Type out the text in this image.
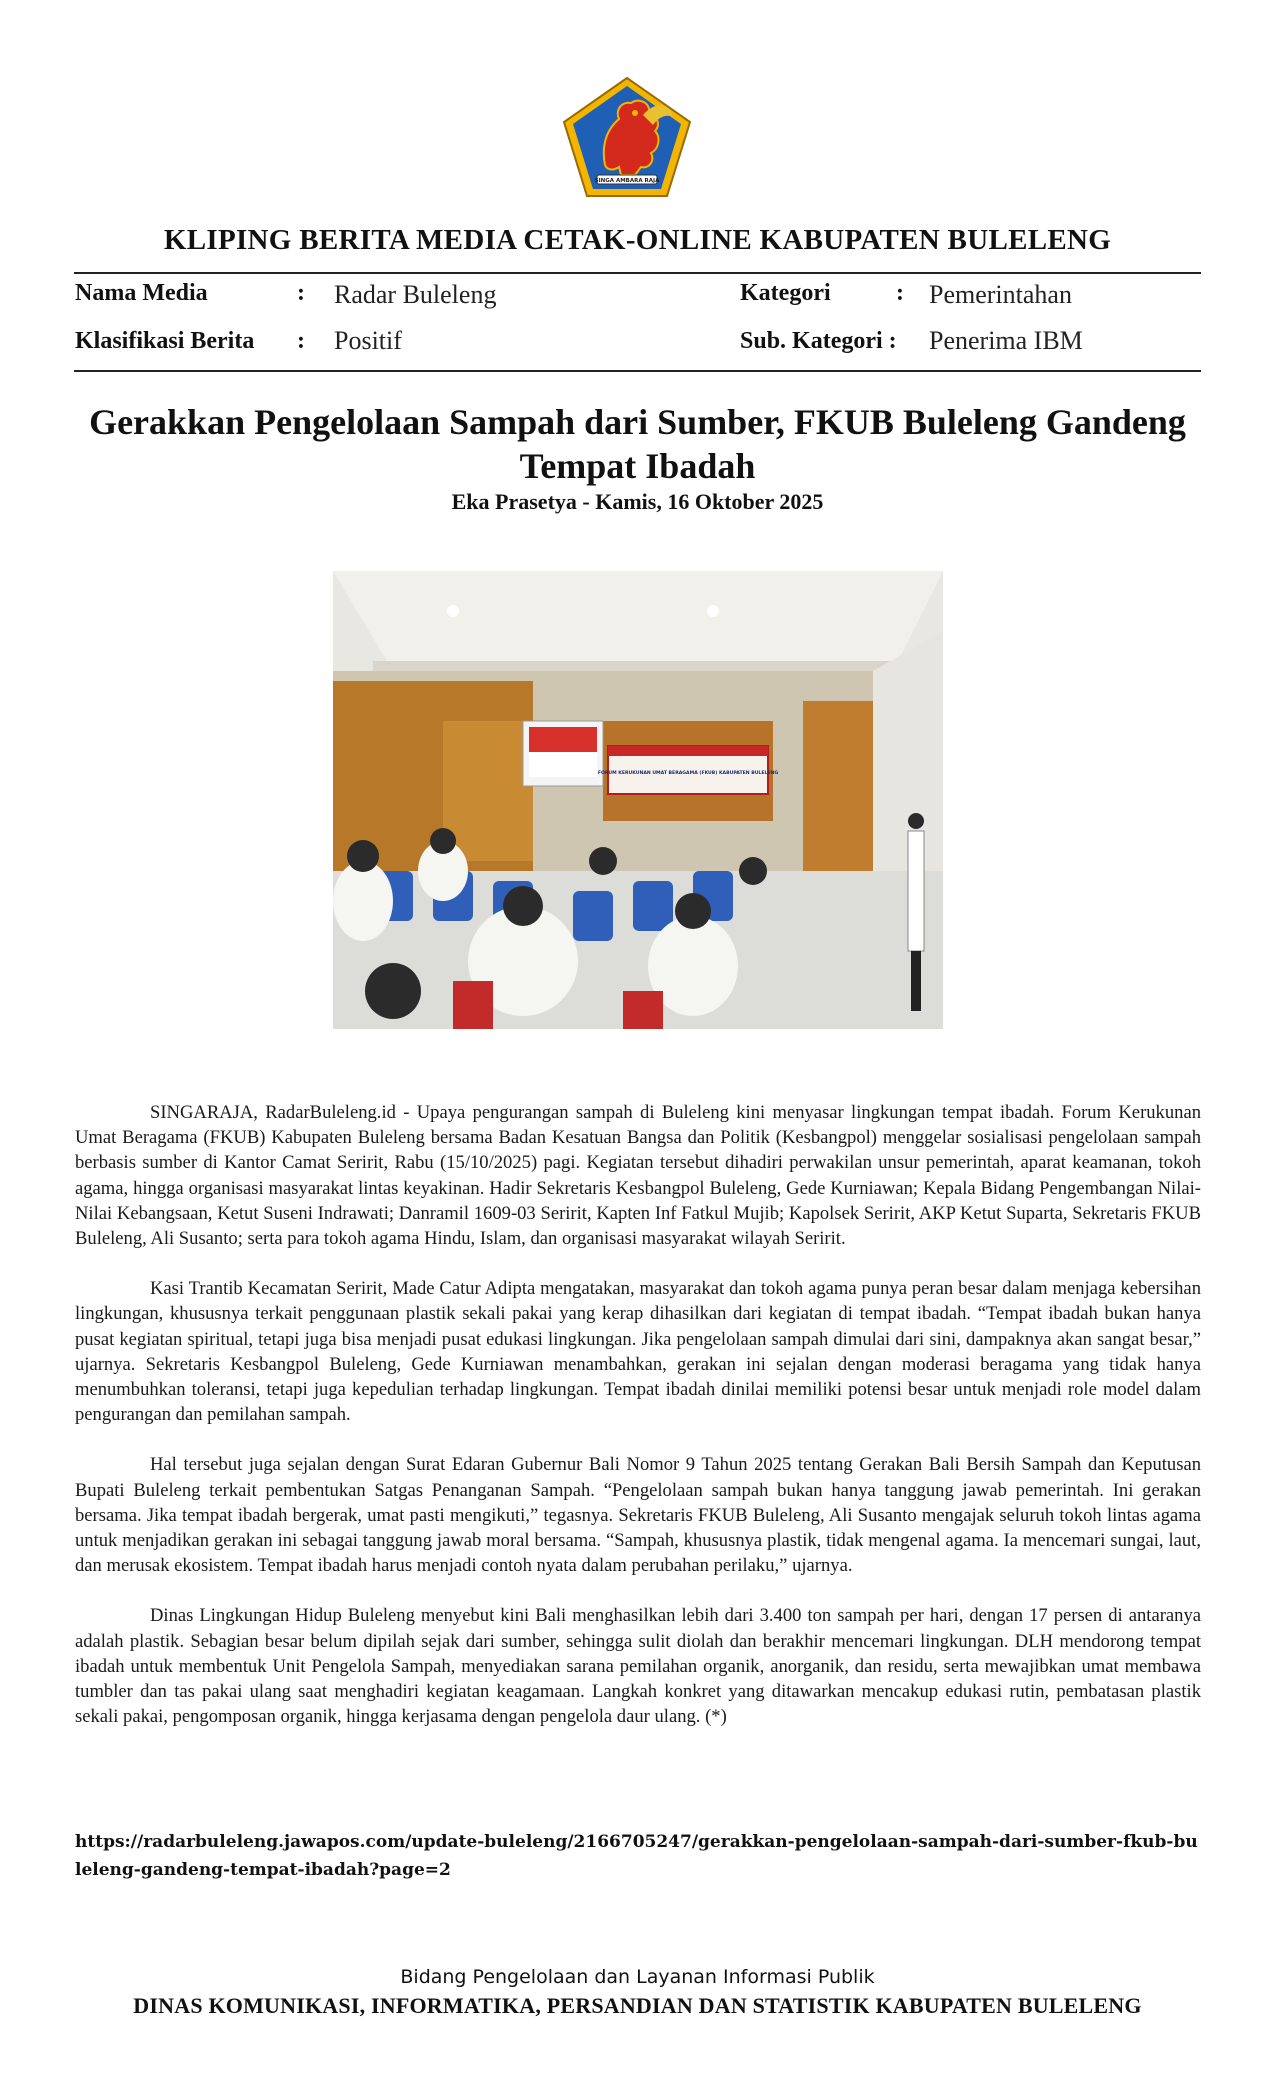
SINGA AMBARA RAJA
KLIPING BERITA MEDIA CETAK-ONLINE KABUPATEN BULELENG
Nama Media	: Radar Buleleng	Kategori	: Pemerintahan
Klasifikasi Berita : Positif	Sub. Kategori : Penerima IBM
Gerakkan Pengelolaan Sampah dari Sumber, FKUB Buleleng Gandeng Tempat Ibadah
Eka Prasetya - Kamis, 16 Oktober 2025
FORUM KERUKUNAN UMAT BERAGAMA (FKUB) KABUPATEN BULELENG

SINGARAJA, RadarBuleleng.id - Upaya pengurangan sampah di Buleleng kini menyasar lingkungan tempat ibadah. Forum Kerukunan Umat Beragama (FKUB) Kabupaten Buleleng bersama Badan Kesatuan Bangsa dan Politik (Kesbangpol) menggelar sosialisasi pengelolaan sampah berbasis sumber di Kantor Camat Seririt, Rabu (15/10/2025) pagi. Kegiatan tersebut dihadiri perwakilan unsur pemerintah, aparat keamanan, tokoh agama, hingga organisasi masyarakat lintas keyakinan. Hadir Sekretaris Kesbangpol Buleleng, Gede Kurniawan; Kepala Bidang Pengembangan Nilai-Nilai Kebangsaan, Ketut Suseni Indrawati; Danramil 1609-03 Seririt, Kapten Inf Fatkul Mujib; Kapolsek Seririt, AKP Ketut Suparta, Sekretaris FKUB Buleleng, Ali Susanto; serta para tokoh agama Hindu, Islam, dan organisasi masyarakat wilayah Seririt.

Kasi Trantib Kecamatan Seririt, Made Catur Adipta mengatakan, masyarakat dan tokoh agama punya peran besar dalam menjaga kebersihan lingkungan, khususnya terkait penggunaan plastik sekali pakai yang kerap dihasilkan dari kegiatan di tempat ibadah. “Tempat ibadah bukan hanya pusat kegiatan spiritual, tetapi juga bisa menjadi pusat edukasi lingkungan. Jika pengelolaan sampah dimulai dari sini, dampaknya akan sangat besar,” ujarnya. Sekretaris Kesbangpol Buleleng, Gede Kurniawan menambahkan, gerakan ini sejalan dengan moderasi beragama yang tidak hanya menumbuhkan toleransi, tetapi juga kepedulian terhadap lingkungan. Tempat ibadah dinilai memiliki potensi besar untuk menjadi role model dalam pengurangan dan pemilahan sampah.

Hal tersebut juga sejalan dengan Surat Edaran Gubernur Bali Nomor 9 Tahun 2025 tentang Gerakan Bali Bersih Sampah dan Keputusan Bupati Buleleng terkait pembentukan Satgas Penanganan Sampah. “Pengelolaan sampah bukan hanya tanggung jawab pemerintah. Ini gerakan bersama. Jika tempat ibadah bergerak, umat pasti mengikuti,” tegasnya. Sekretaris FKUB Buleleng, Ali Susanto mengajak seluruh tokoh lintas agama untuk menjadikan gerakan ini sebagai tanggung jawab moral bersama. “Sampah, khususnya plastik, tidak mengenal agama. Ia mencemari sungai, laut, dan merusak ekosistem. Tempat ibadah harus menjadi contoh nyata dalam perubahan perilaku,” ujarnya.

Dinas Lingkungan Hidup Buleleng menyebut kini Bali menghasilkan lebih dari 3.400 ton sampah per hari, dengan 17 persen di antaranya adalah plastik. Sebagian besar belum dipilah sejak dari sumber, sehingga sulit diolah dan berakhir mencemari lingkungan. DLH mendorong tempat ibadah untuk membentuk Unit Pengelola Sampah, menyediakan sarana pemilahan organik, anorganik, dan residu, serta mewajibkan umat membawa tumbler dan tas pakai ulang saat menghadiri kegiatan keagamaan. Langkah konkret yang ditawarkan mencakup edukasi rutin, pembatasan plastik sekali pakai, pengomposan organik, hingga kerjasama dengan pengelola daur ulang. (*)

https://radarbuleleng.jawapos.com/update-buleleng/2166705247/gerakkan-pengelolaan-sampah-dari-sumber-fkub-buleleng-gandeng-tempat-ibadah?page=2
Bidang Pengelolaan dan Layanan Informasi Publik
DINAS KOMUNIKASI, INFORMATIKA, PERSANDIAN DAN STATISTIK KABUPATEN BULELENG
